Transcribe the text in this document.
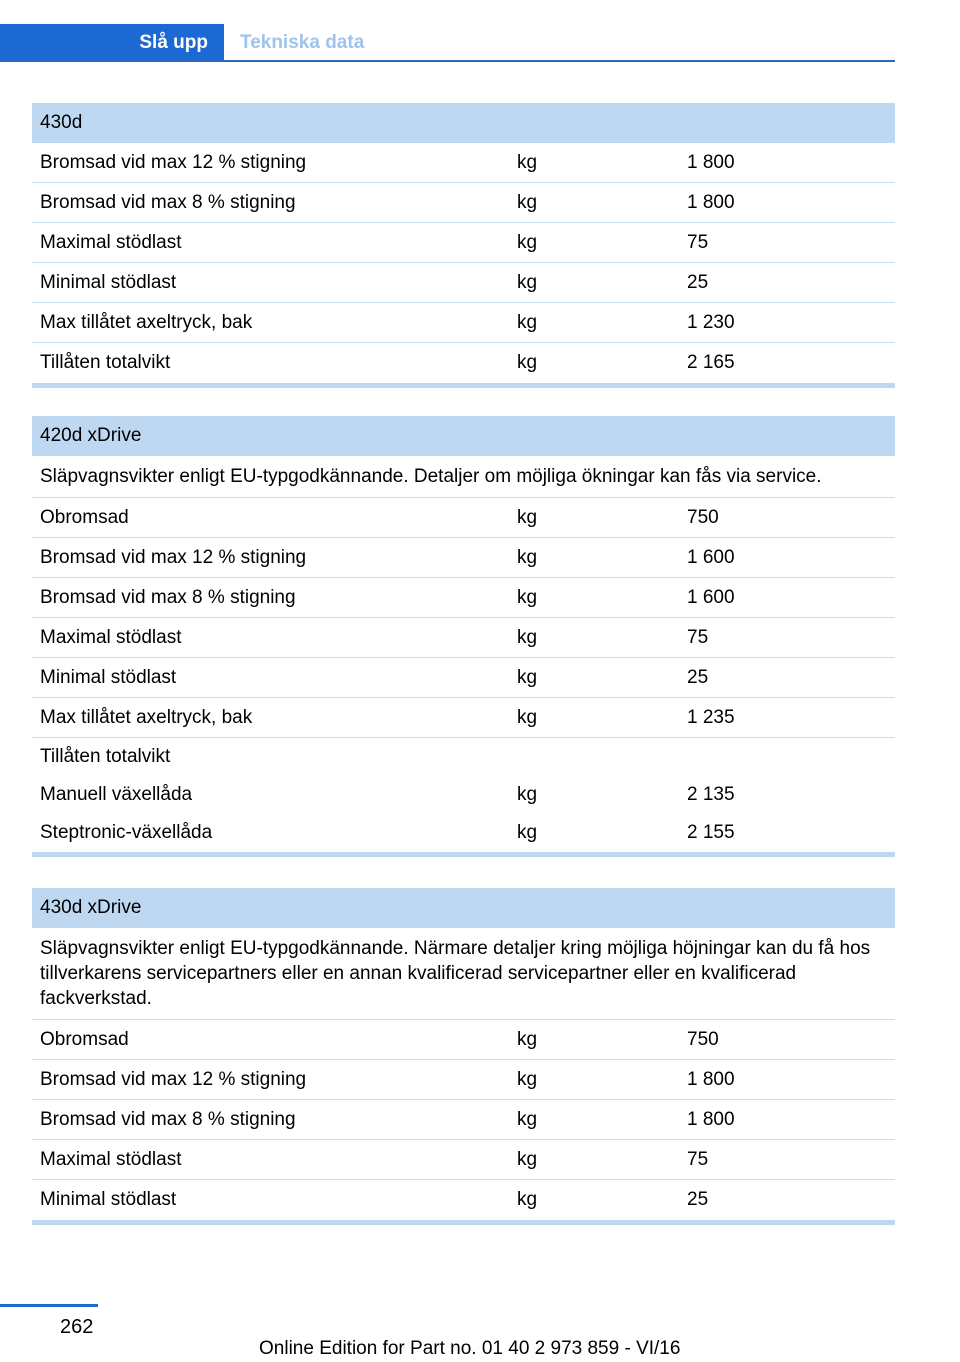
Slå upp	Tekniska data
430d
Bromsad vid max 12 % stigning	kg	1 800
Bromsad vid max 8 % stigning	kg	1 800
Maximal stödlast	kg	75
Minimal stödlast	kg	25
Max tillåtet axeltryck, bak	kg	1 230
Tillåten totalvikt	kg	2 165
420d xDrive
Släpvagnsvikter enligt EU-typgodkännande. Detaljer om möjliga ökningar kan fås via service.
Obromsad	kg	750
Bromsad vid max 12 % stigning	kg	1 600
Bromsad vid max 8 % stigning	kg	1 600
Maximal stödlast	kg	75
Minimal stödlast	kg	25
Max tillåtet axeltryck, bak	kg	1 235
Tillåten totalvikt
Manuell växellåda	kg	2 135
Steptronic-växellåda	kg	2 155
430d xDrive
Släpvagnsvikter enligt EU-typgodkännande. Närmare detaljer kring möjliga höjningar kan du få hos tillverkarens servicepartners eller en annan kvalificerad servicepartner eller en kvalificerad fackverkstad.
Obromsad	kg	750
Bromsad vid max 12 % stigning	kg	1 800
Bromsad vid max 8 % stigning	kg	1 800
Maximal stödlast	kg	75
Minimal stödlast	kg	25
262
Online Edition for Part no. 01 40 2 973 859 - VI/16
